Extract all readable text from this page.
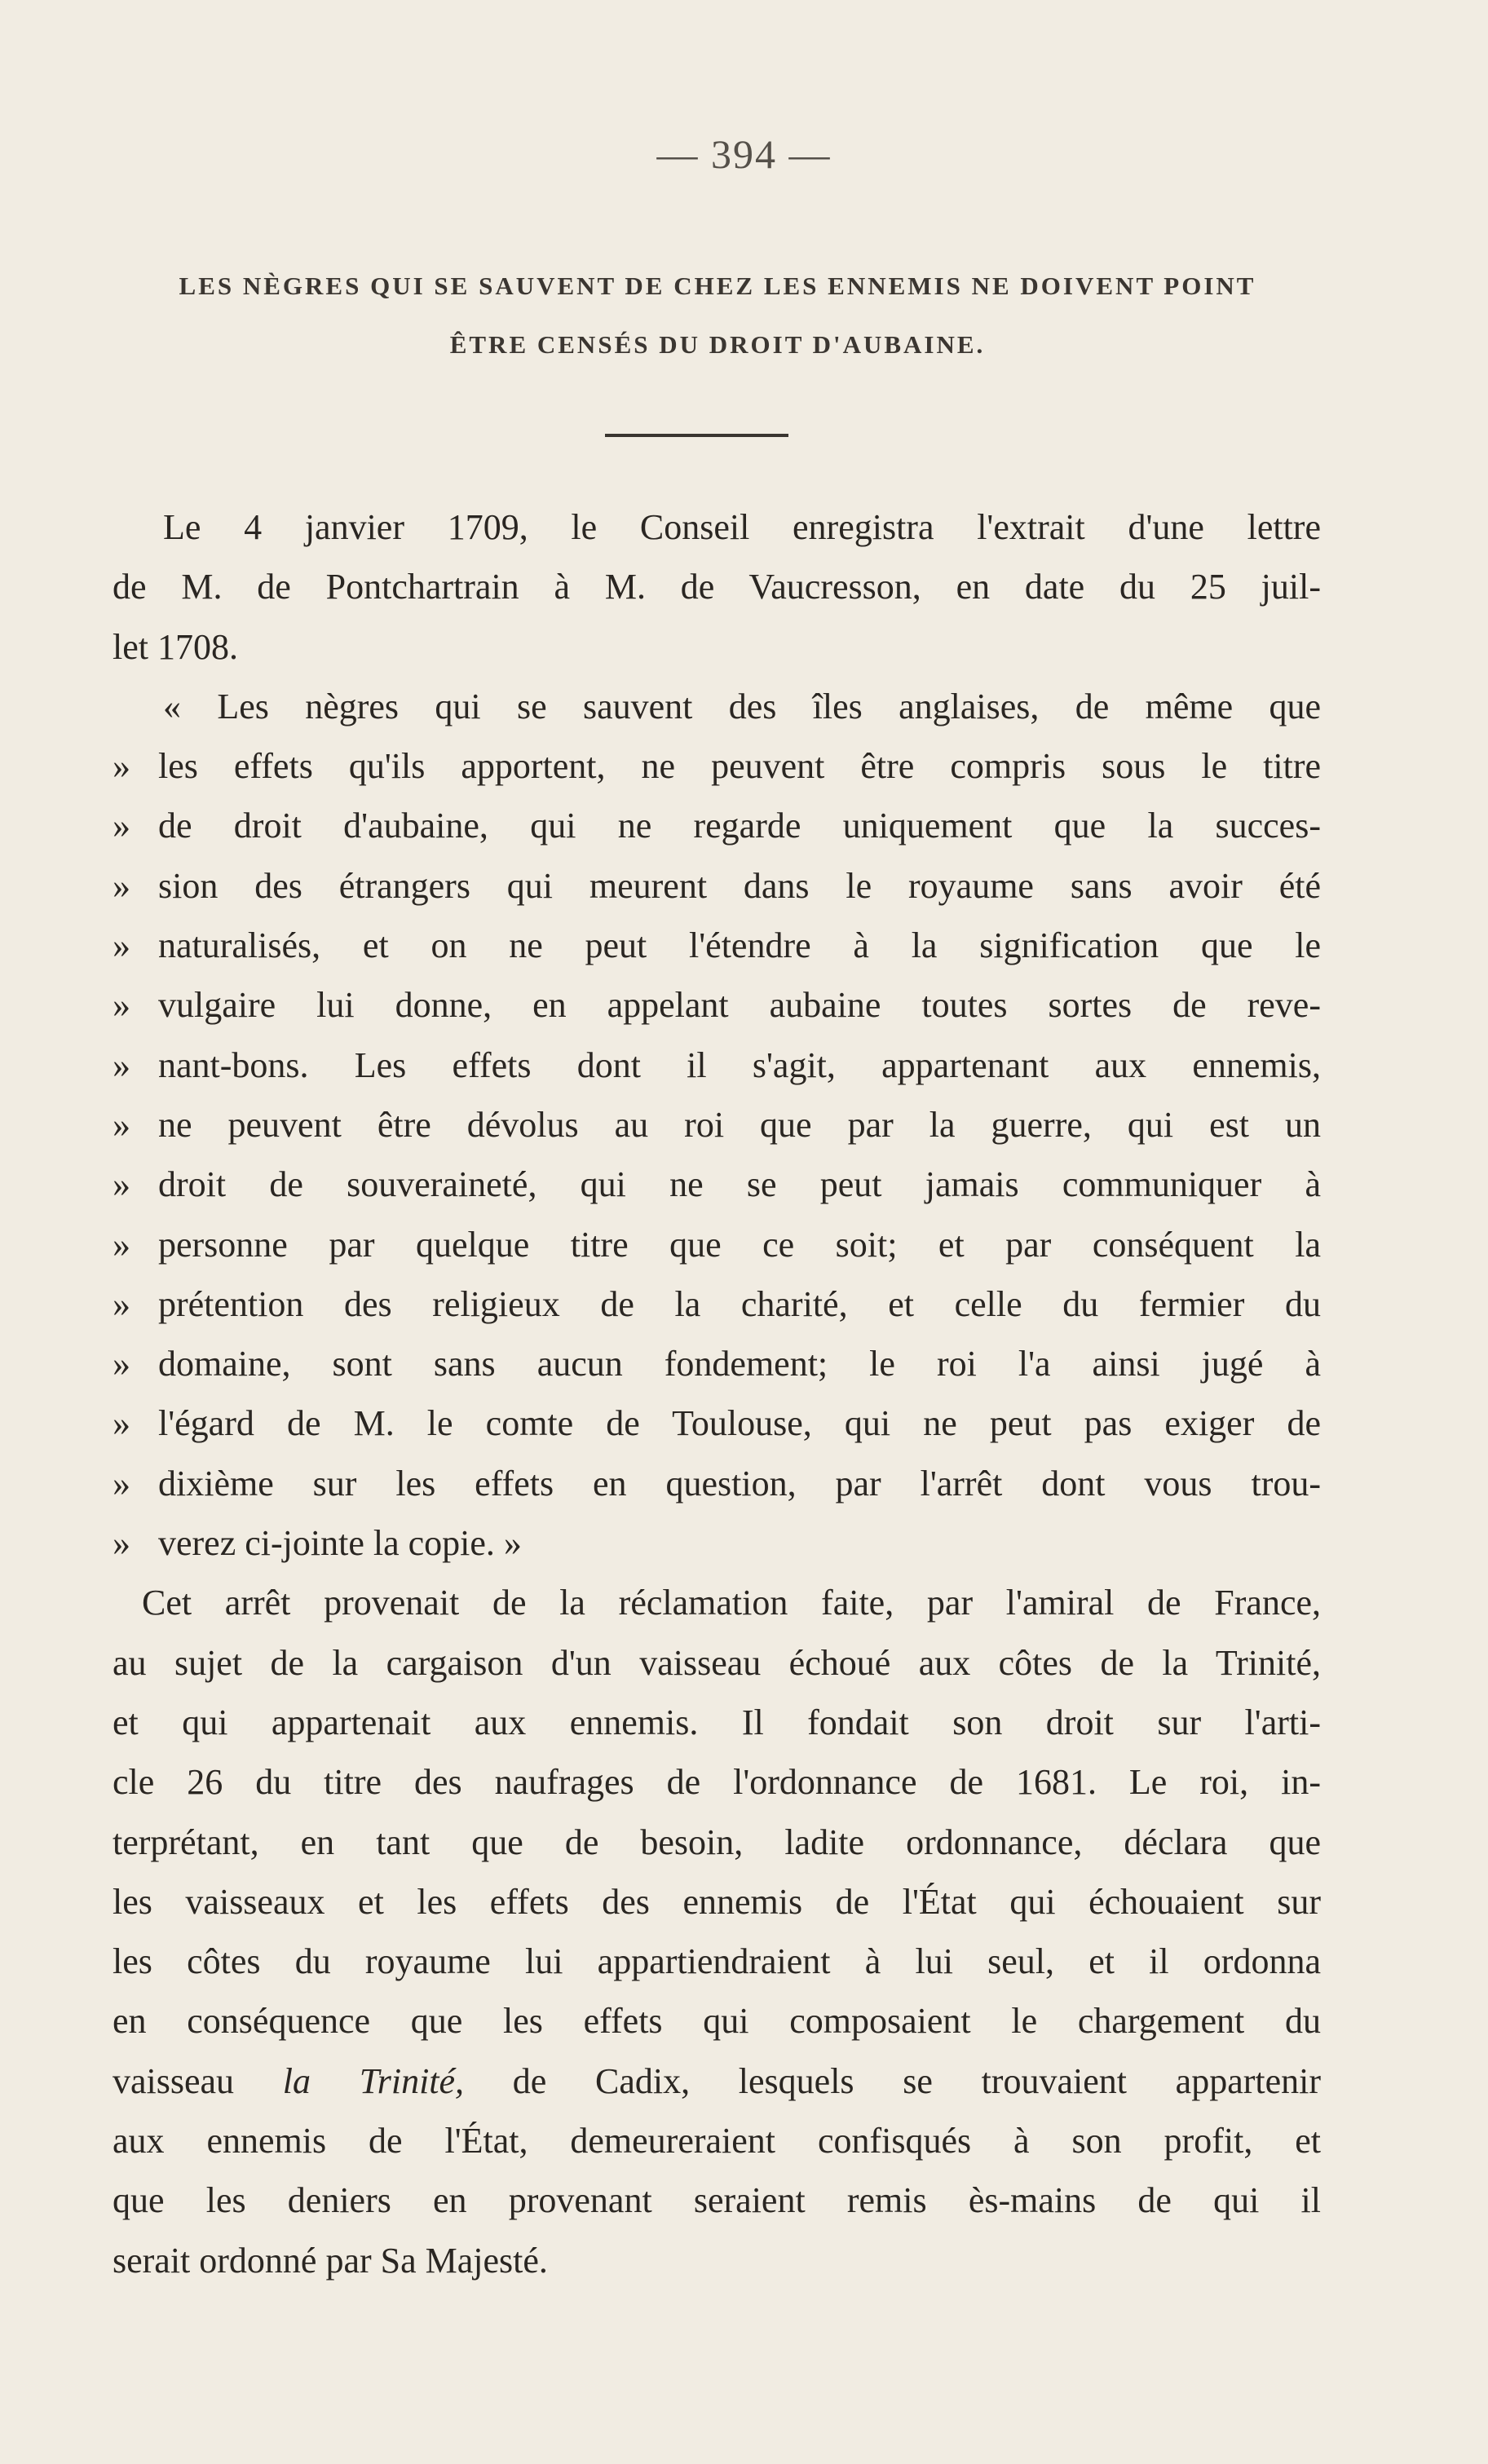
— 394 —
LES NÈGRES QUI SE SAUVENT DE CHEZ LES ENNEMIS NE DOIVENT POINT
ÊTRE CENSÉS DU DROIT D'AUBAINE.
Le 4 janvier 1709, le Conseil enregistra l'extrait d'une lettre
de M. de Pontchartrain à M. de Vaucresson, en date du 25 juil-
let 1708.
« Les nègres qui se sauvent des îles anglaises, de même que
» les effets qu'ils apportent, ne peuvent être compris sous le titre
» de droit d'aubaine, qui ne regarde uniquement que la succes-
» sion des étrangers qui meurent dans le royaume sans avoir été
» naturalisés, et on ne peut l'étendre à la signification que le
» vulgaire lui donne, en appelant aubaine toutes sortes de reve-
» nant-bons. Les effets dont il s'agit, appartenant aux ennemis,
» ne peuvent être dévolus au roi que par la guerre, qui est un
» droit de souveraineté, qui ne se peut jamais communiquer à
» personne par quelque titre que ce soit; et par conséquent la
» prétention des religieux de la charité, et celle du fermier du
» domaine, sont sans aucun fondement; le roi l'a ainsi jugé à
» l'égard de M. le comte de Toulouse, qui ne peut pas exiger de
» dixième sur les effets en question, par l'arrêt dont vous trou-
» verez ci-jointe la copie. »
Cet arrêt provenait de la réclamation faite, par l'amiral de France,
au sujet de la cargaison d'un vaisseau échoué aux côtes de la Trinité,
et qui appartenait aux ennemis. Il fondait son droit sur l'arti-
cle 26 du titre des naufrages de l'ordonnance de 1681. Le roi, in-
terprétant, en tant que de besoin, ladite ordonnance, déclara que
les vaisseaux et les effets des ennemis de l'État qui échouaient sur
les côtes du royaume lui appartiendraient à lui seul, et il ordonna
en conséquence que les effets qui composaient le chargement du
vaisseau la Trinité, de Cadix, lesquels se trouvaient appartenir
aux ennemis de l'État, demeureraient confisqués à son profit, et
que les deniers en provenant seraient remis ès-mains de qui il
serait ordonné par Sa Majesté.
